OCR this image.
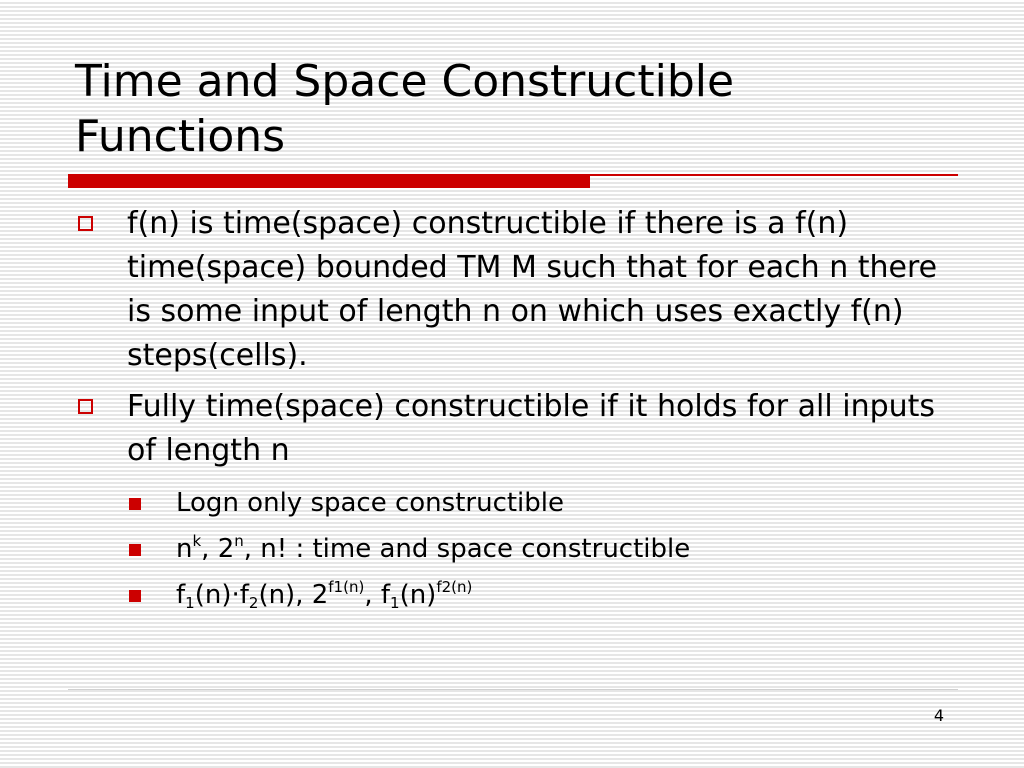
Time and Space Constructible Functions
f(n) is time(space) constructible if there is a f(n) time(space) bounded TM M such that for each n there is some input of length n on which uses exactly f(n) steps(cells).
Fully time(space) constructible if it holds for all inputs of length n
Logn only space constructible
$n^k$, 2$^n$, n! : time and space constructible
$f_1(n)\cdot f_2(n)$, $2^{f1(n)}$, $f_1(n)^{f2(n)}$
4
